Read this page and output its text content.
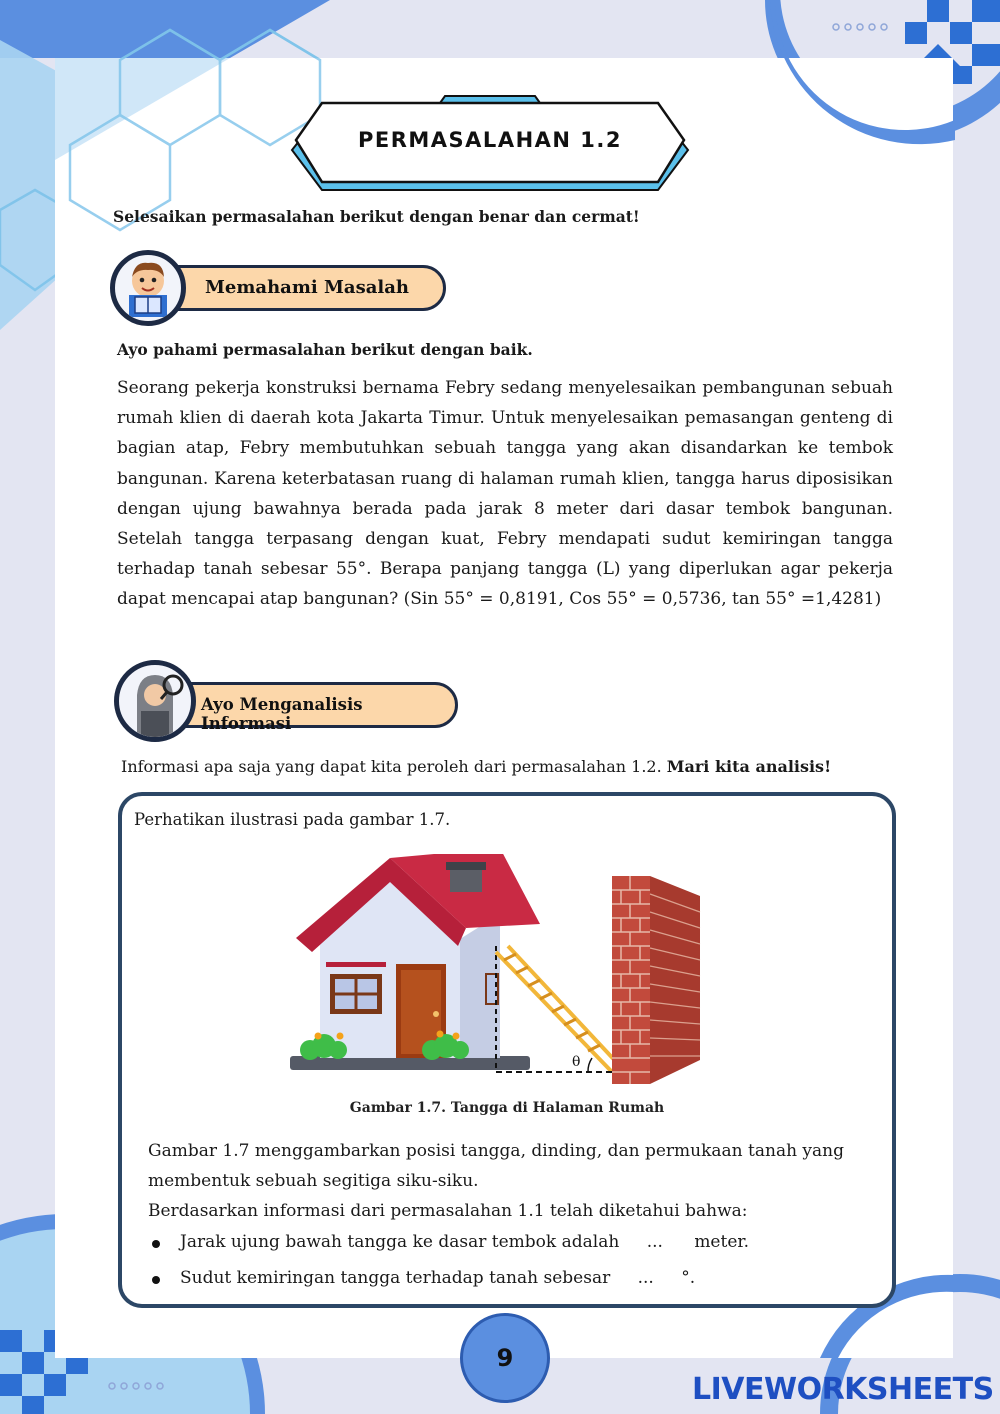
PERMASALAHAN 1.2
Selesaikan permasalahan berikut dengan benar dan cermat!
Memahami Masalah
Ayo pahami permasalahan berikut dengan baik.
Seorang pekerja konstruksi bernama Febry sedang menyelesaikan pembangunan sebuah rumah klien di daerah kota Jakarta Timur. Untuk menyelesaikan pemasangan genteng di bagian atap, Febry membutuhkan sebuah tangga yang akan disandarkan ke tembok bangunan. Karena keterbatasan ruang di halaman rumah klien, tangga harus diposisikan dengan ujung bawahnya berada pada jarak 8 meter dari dasar tembok bangunan. Setelah tangga terpasang dengan kuat, Febry mendapati sudut kemiringan tangga terhadap tanah sebesar 55°. Berapa panjang tangga (L) yang diperlukan agar pekerja dapat mencapai atap bangunan? (Sin 55° = 0,8191, Cos 55° = 0,5736, tan 55° =1,4281)
Ayo Menganalisis Informasi
Informasi apa saja yang dapat kita peroleh dari permasalahan 1.2. Mari kita analisis!
Perhatikan ilustrasi pada gambar 1.7.
θ
Gambar 1.7. Tangga di Halaman Rumah
Gambar 1.7 menggambarkan posisi tangga, dinding, dan permukaan tanah yang membentuk sebuah segitiga siku-siku.
Berdasarkan informasi dari permasalahan 1.1 telah diketahui bahwa:
Jarak ujung bawah tangga ke dasar tembok adalah ... meter.
Sudut kemiringan tangga terhadap tanah sebesar ... °.
9
LIVEWORKSHEETS
